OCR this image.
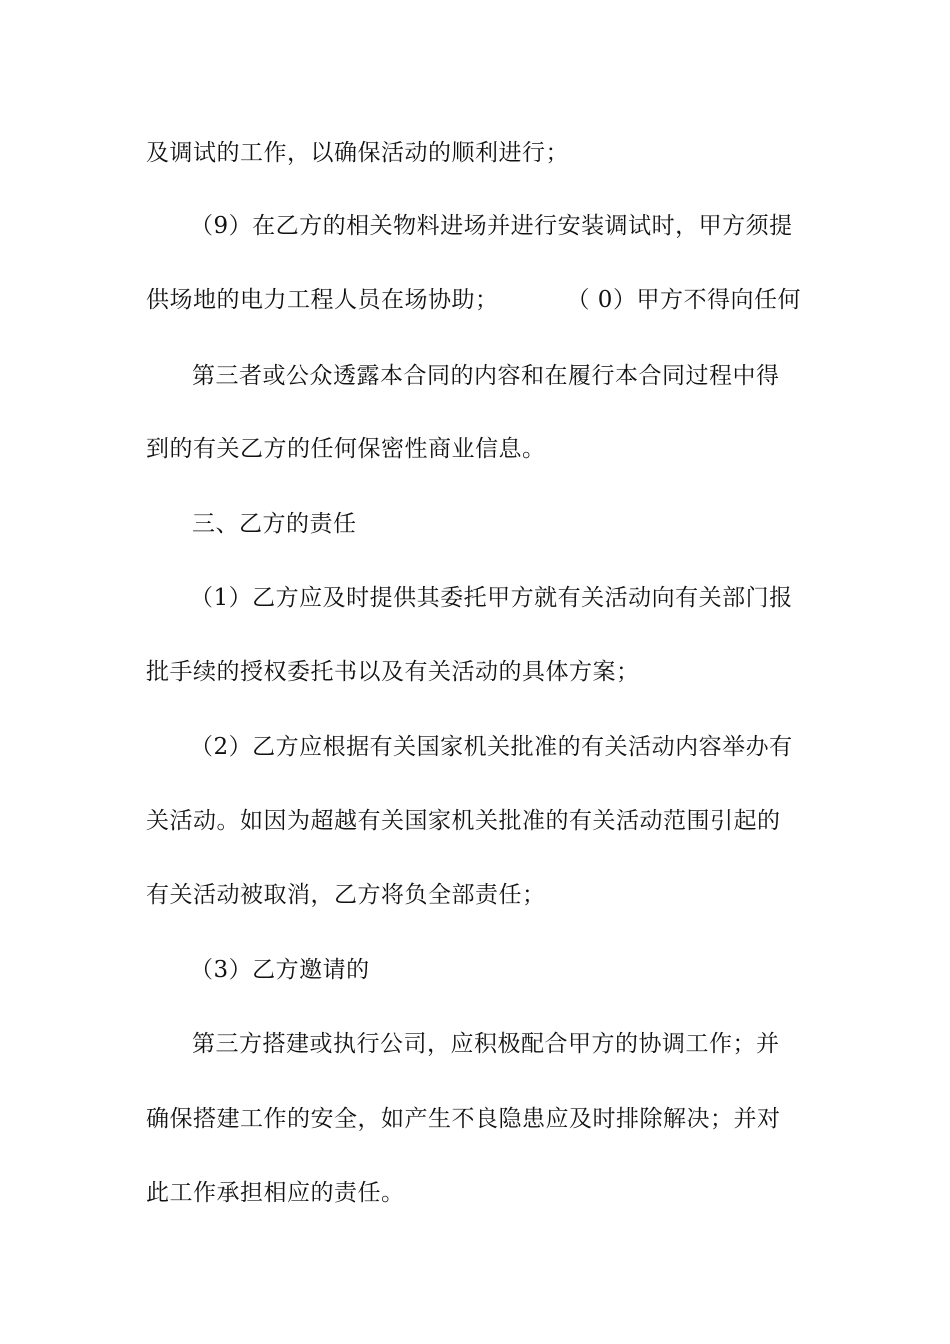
及调试的工作，以确保活动的顺利进行；
（9）在乙方的相关物料进场并进行安装调试时，甲方须提
供场地的电力工程人员在场协助；	（ 0）甲方不得向任何
第三者或公众透露本合同的内容和在履行本合同过程中得
到的有关乙方的任何保密性商业信息。
三、乙方的责任
（1）乙方应及时提供其委托甲方就有关活动向有关部门报
批手续的授权委托书以及有关活动的具体方案；
（2）乙方应根据有关国家机关批准的有关活动内容举办有
关活动。如因为超越有关国家机关批准的有关活动范围引起的
有关活动被取消，乙方将负全部责任；
（3）乙方邀请的
第三方搭建或执行公司，应积极配合甲方的协调工作；并
确保搭建工作的安全，如产生不良隐患应及时排除解决；并对
此工作承担相应的责任。
